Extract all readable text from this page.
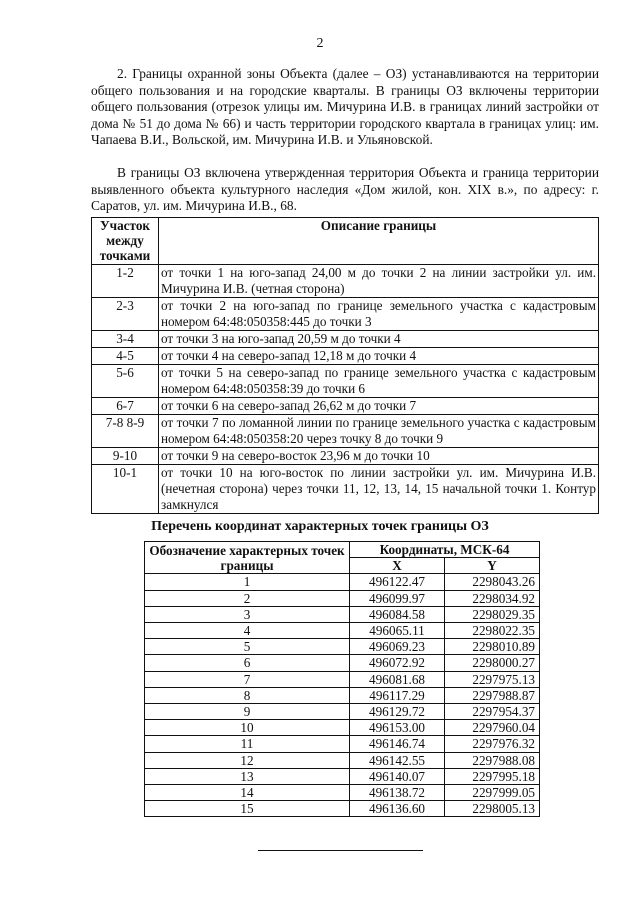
2

2. Границы охранной зоны Объекта (далее – ОЗ) устанавливаются на территории общего пользования и на городские кварталы. В границы ОЗ включены территории общего пользования (отрезок улицы им. Мичурина И.В. в границах линий застройки от дома № 51 до дома № 66) и часть территории городского квартала в границах улиц: им. Чапаева В.И., Вольской, им. Мичурина И.В. и Ульяновской.

В границы ОЗ включена утвержденная территория Объекта и граница территории выявленного объекта культурного наследия «Дом жилой, кон. XIX в.», по адресу: г. Саратов, ул. им. Мичурина И.В., 68.

Участок между точками	Описание границы
1-2	от точки 1 на юго-запад 24,00 м до точки 2 на линии застройки ул. им. Мичурина И.В. (четная сторона)
2-3	от точки 2 на юго-запад по границе земельного участка с кадастровым номером 64:48:050358:445 до точки 3
3-4	от точки 3 на юго-запад 20,59 м до точки 4
4-5	от точки 4 на северо-запад 12,18 м до точки 4
5-6	от точки 5 на северо-запад по границе земельного участка с кадастровым номером 64:48:050358:39 до точки 6
6-7	от точки 6 на северо-запад 26,62 м до точки 7
7-8 8-9	от точки 7 по ломанной линии по границе земельного участка с кадастровым номером 64:48:050358:20 через точку 8 до точки 9
9-10	от точки 9 на северо-восток 23,96 м до точки 10
10-1	от точки 10 на юго-восток по линии застройки ул. им. Мичурина И.В. (нечетная сторона) через точки 11, 12, 13, 14, 15 начальной точки 1. Контур замкнулся
Перечень координат характерных точек границы ОЗ
Обозначение характерных точек границы	Координаты, МСК-64	
	X	Y
1	496122.47	2298043.26
2	496099.97	2298034.92
3	496084.58	2298029.35
4	496065.11	2298022.35
5	496069.23	2298010.89
6	496072.92	2298000.27
7	496081.68	2297975.13
8	496117.29	2297988.87
9	496129.72	2297954.37
10	496153.00	2297960.04
11	496146.74	2297976.32
12	496142.55	2297988.08
13	496140.07	2297995.18
14	496138.72	2297999.05
15	496136.60	2298005.13
